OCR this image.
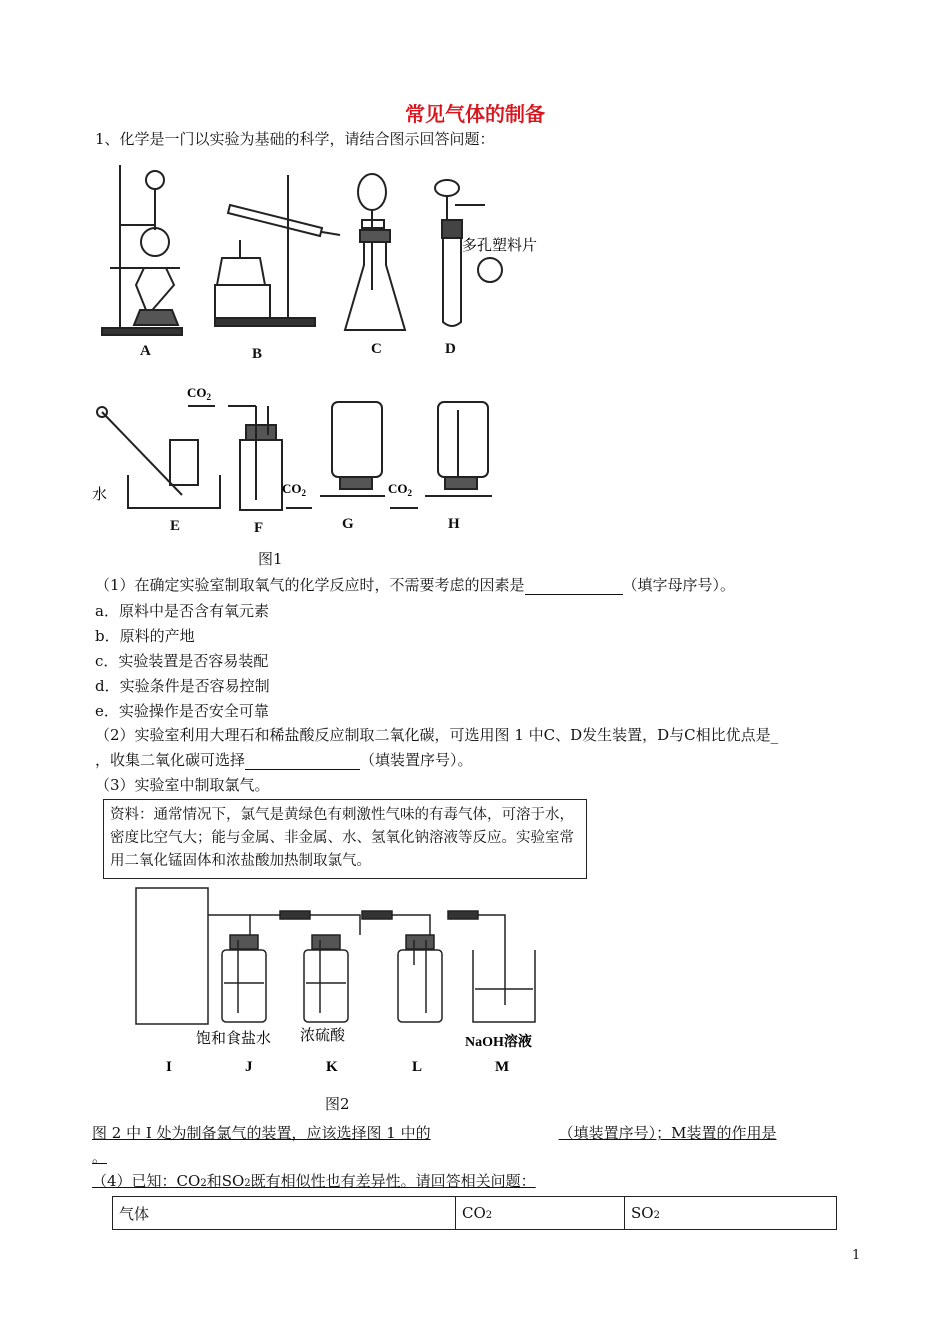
常见气体的制备
1、化学是一门以实验为基础的科学，请结合图示回答问题：
A	B	C	D
E	F	G	H
水
多孔塑料片
$CO_2$
$CO_2$	$CO_2$
图1
（1）在确定实验室制取氧气的化学反应时，不需要考虑的因素是	（填字母序号）。
a．原料中是否含有氧元素
b．原料的产地
c．实验装置是否容易装配
d．实验条件是否容易控制
e．实验操作是否安全可靠
（2）实验室利用大理石和稀盐酸反应制取二氧化碳，可选用图 1 中C、D发生装置，D与C相比优点是_
，收集二氧化碳可选择	（填装置序号）。
（3）实验室中制取氯气。
资料：通常情况下，氯气是黄绿色有刺激性气味的有毒气体，可溶于水，密度比空气大；能与金属、非金属、水、氢氧化钠溶液等反应。实验室常用二氧化锰固体和浓盐酸加热制取氯气。
饱和食盐水 浓硫酸	NaOH溶液
I	J	K	L	M
图2
图 2 中 I 处为制备氯气的装置，应该选择图 1 中的	（填装置序号）；M装置的作用是
。
（4）已知：CO2和SO2既有相似性也有差异性。请回答相关问题：
气体	CO2	SO2
1
